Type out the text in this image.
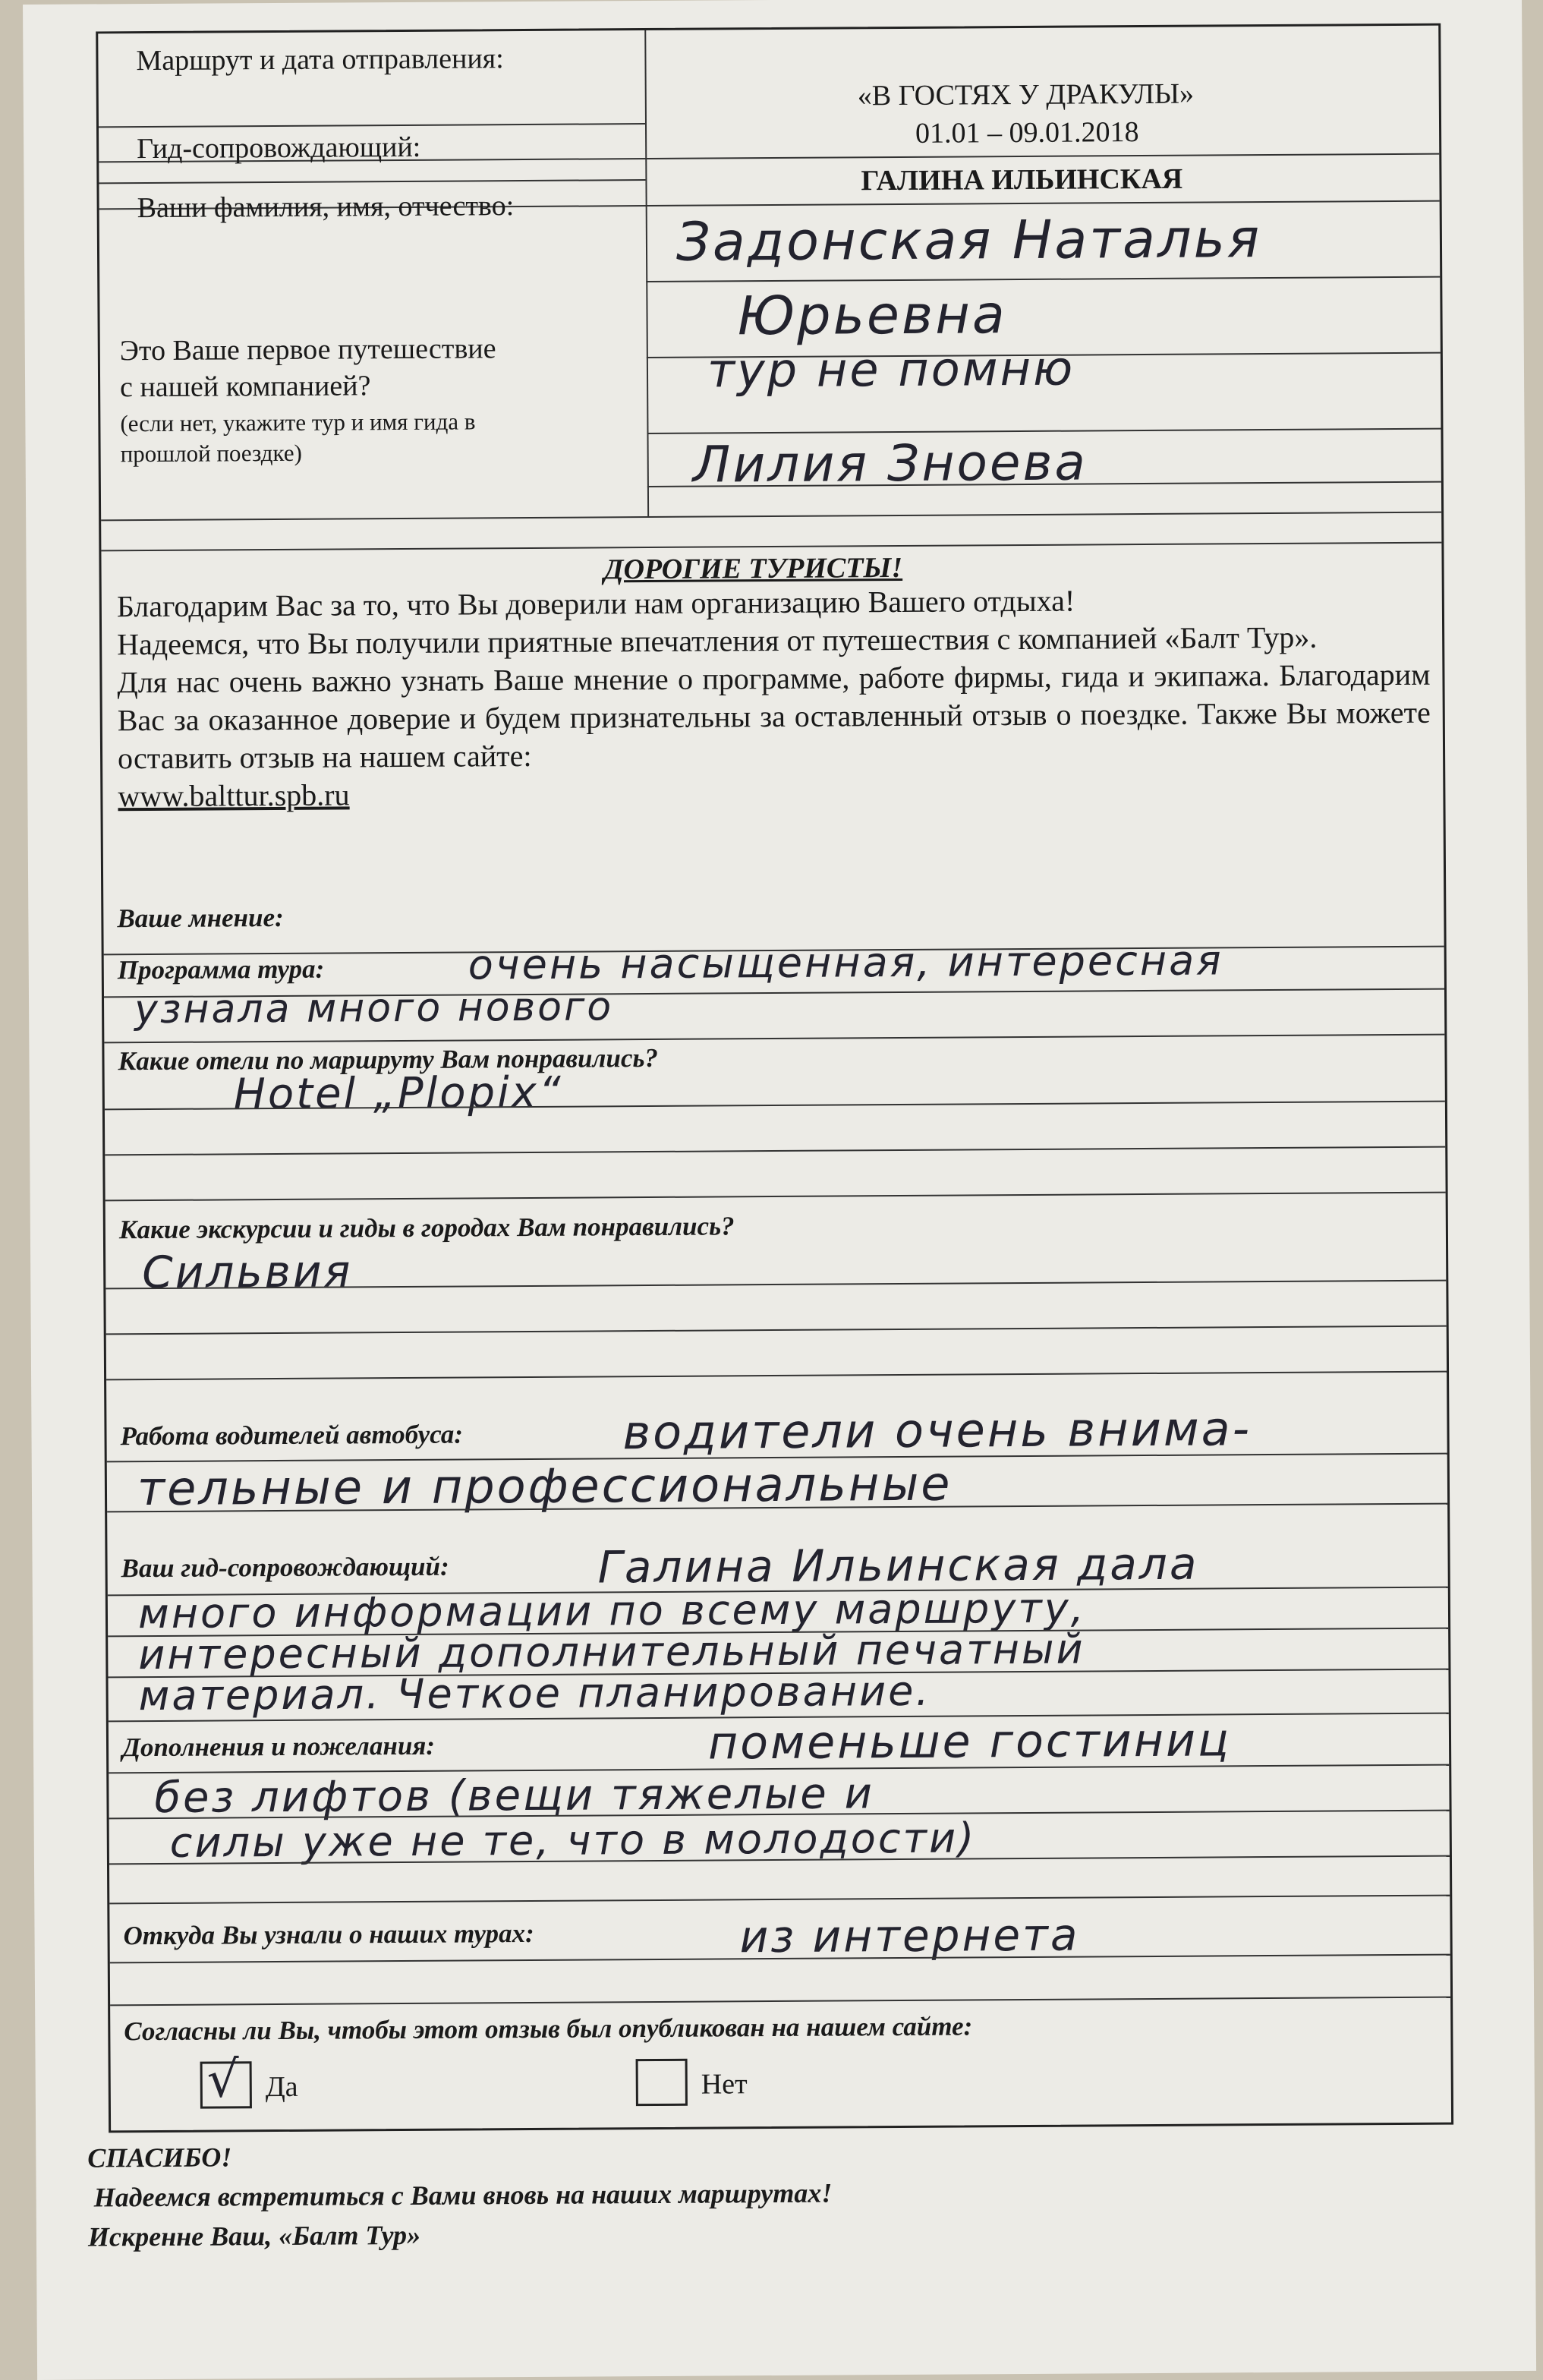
Маршрут и дата отправления:
«В ГОСТЯХ У ДРАКУЛЫ»
01.01 – 09.01.2018
Гид-сопровождающий:
ГАЛИНА ИЛЬИНСКАЯ
Ваши фамилия, имя, отчество:
Задонская Наталья
Юрьевна
Это Ваше первое путешествие
с нашей компанией?
(если нет, укажите тур и имя гида в
прошлой поездке)
тур не помню
Лилия Зноева
ДОРОГИЕ ТУРИСТЫ!

Благодарим Вас за то, что Вы доверили нам организацию Вашего отдыха!

Надеемся, что Вы получили приятные впечатления от путешествия с компанией «Балт Тур».

Для нас очень важно узнать Ваше мнение о программе, работе фирмы, гида и экипажа. Благодарим Вас за оказанное доверие и будем признательны за оставленный отзыв о поездке. Также Вы можете оставить отзыв на нашем сайте:

www.balttur.spb.ru

Ваше мнение:
Программа тура:	очень насыщенная, интересная
узнала много нового
Какие отели по маршруту Вам понравились?
Hotel „Plopix“
Какие экскурсии и гиды в городах Вам понравились?
Сильвия
Работа водителей автобуса:	водители очень внима-
тельные и профессиональные
Ваш гид-сопровождающий:	Галина Ильинская дала
много информации по всему маршруту,
интересный дополнительный печатный
материал. Четкое планирование.
Дополнения и пожелания:	поменьше гостиниц
без лифтов (вещи тяжелые и
силы уже не те, что в молодости)
Откуда Вы узнали о наших турах:	из интернета
Согласны ли Вы, чтобы этот отзыв был опубликован на нашем сайте:
√ Да	Нет
СПАСИБО!
Надеемся встретиться с Вами вновь на наших маршрутах!
Искренне Ваш, «Балт Тур»
